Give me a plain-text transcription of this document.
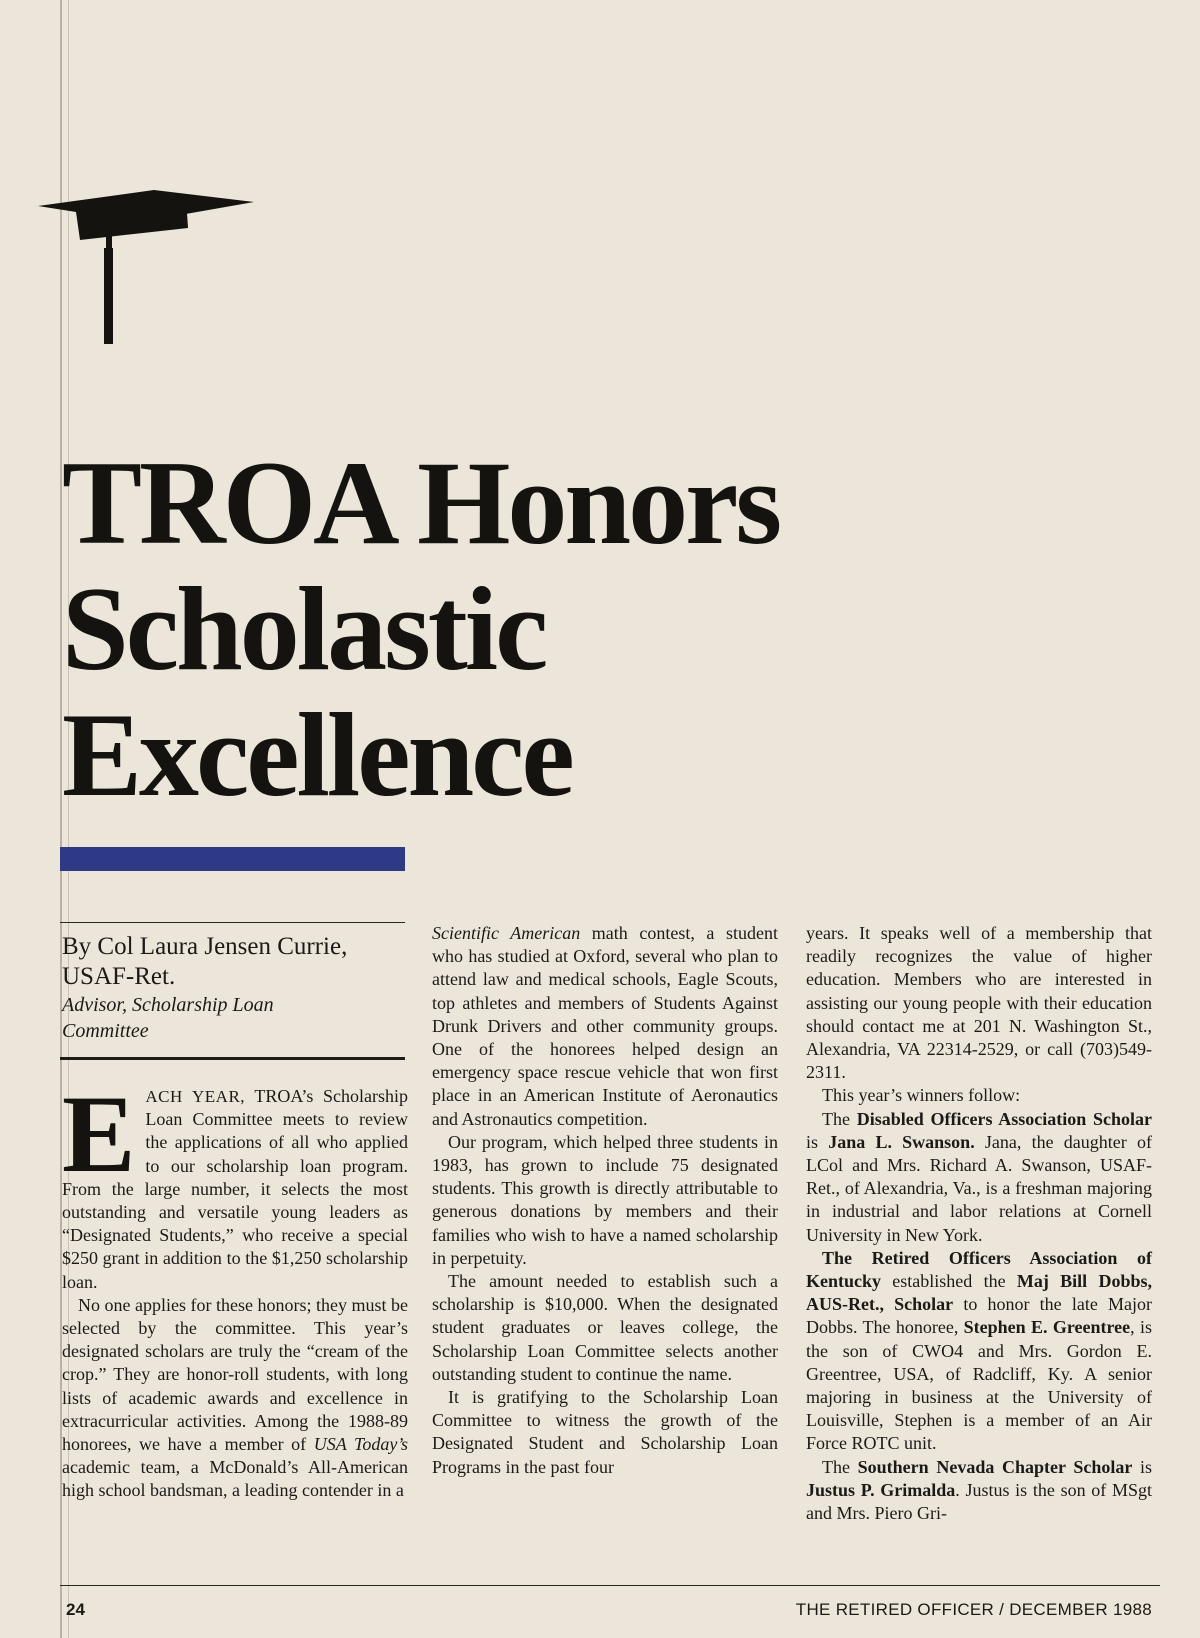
TROA Honors
Scholastic
Excellence

By Col Laura Jensen Currie,

USAF-Ret.

Advisor, Scholarship Loan

Committee

EACH YEAR, TROA’s Scholarship Loan Committee meets to review the applications of all who applied to our scholarship loan program. From the large number, it selects the most outstanding and versatile young leaders as “Designated Students,” who receive a special $250 grant in addition to the $1,250 scholarship loan.

No one applies for these honors; they must be selected by the committee. This year’s designated scholars are truly the “cream of the crop.” They are honor-roll students, with long lists of academic awards and excellence in extracurricular activities. Among the 1988-89 honorees, we have a member of USA Today’s academic team, a McDonald’s All-American high school bandsman, a leading contender in a

Scientific American math contest, a student who has studied at Oxford, several who plan to attend law and medical schools, Eagle Scouts, top athletes and members of Students Against Drunk Drivers and other community groups. One of the honorees helped design an emergency space rescue vehicle that won first place in an American Institute of Aeronautics and Astronautics competition.

Our program, which helped three students in 1983, has grown to include 75 designated students. This growth is directly attributable to generous donations by members and their families who wish to have a named scholarship in perpetuity.

The amount needed to establish such a scholarship is $10,000. When the designated student graduates or leaves college, the Scholarship Loan Committee selects another outstanding student to continue the name.

It is gratifying to the Scholarship Loan Committee to witness the growth of the Designated Student and Scholarship Loan Programs in the past four

years. It speaks well of a membership that readily recognizes the value of higher education. Members who are interested in assisting our young people with their education should contact me at 201 N. Washington St., Alexandria, VA 22314-2529, or call (703)549-2311.

This year’s winners follow:

The Disabled Officers Association Scholar is Jana L. Swanson. Jana, the daughter of LCol and Mrs. Richard A. Swanson, USAF-Ret., of Alexandria, Va., is a freshman majoring in industrial and labor relations at Cornell University in New York.

The Retired Officers Association of Kentucky established the Maj Bill Dobbs, AUS-Ret., Scholar to honor the late Major Dobbs. The honoree, Stephen E. Greentree, is the son of CWO4 and Mrs. Gordon E. Greentree, USA, of Radcliff, Ky. A senior majoring in business at the University of Louisville, Stephen is a member of an Air Force ROTC unit.

The Southern Nevada Chapter Scholar is Justus P. Grimalda. Justus is the son of MSgt and Mrs. Piero Gri-

24	THE RETIRED OFFICER / DECEMBER 1988
